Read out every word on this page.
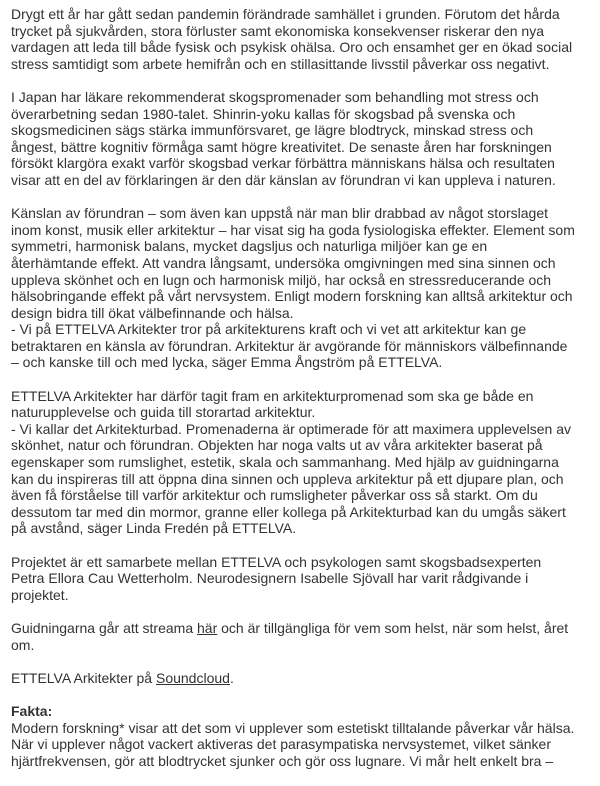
Drygt ett år har gått sedan pandemin förändrade samhället i grunden. Förutom det hårda
trycket på sjukvården, stora förluster samt ekonomiska konsekvenser riskerar den nya
vardagen att leda till både fysisk och psykisk ohälsa. Oro och ensamhet ger en ökad social
stress samtidigt som arbete hemifrån och en stillasittande livsstil påverkar oss negativt.

I Japan har läkare rekommenderat skogspromenader som behandling mot stress och
överarbetning sedan 1980-talet. Shinrin-yoku kallas för skogsbad på svenska och
skogsmedicinen sägs stärka immunförsvaret, ge lägre blodtryck, minskad stress och
ångest, bättre kognitiv förmåga samt högre kreativitet. De senaste åren har forskningen
försökt klargöra exakt varför skogsbad verkar förbättra människans hälsa och resultaten
visar att en del av förklaringen är den där känslan av förundran vi kan uppleva i naturen.

Känslan av förundran – som även kan uppstå när man blir drabbad av något storslaget
inom konst, musik eller arkitektur – har visat sig ha goda fysiologiska effekter. Element som
symmetri, harmonisk balans, mycket dagsljus och naturliga miljöer kan ge en
återhämtande effekt. Att vandra långsamt, undersöka omgivningen med sina sinnen och
uppleva skönhet och en lugn och harmonisk miljö, har också en stressreducerande och
hälsobringande effekt på vårt nervsystem. Enligt modern forskning kan alltså arkitektur och
design bidra till ökat välbefinnande och hälsa.
- Vi på ETTELVA Arkitekter tror på arkitekturens kraft och vi vet att arkitektur kan ge
betraktaren en känsla av förundran. Arkitektur är avgörande för människors välbefinnande
– och kanske till och med lycka, säger Emma Ångström på ETTELVA.

ETTELVA Arkitekter har därför tagit fram en arkitekturpromenad som ska ge både en
naturupplevelse och guida till storartad arkitektur.
- Vi kallar det Arkitekturbad. Promenaderna är optimerade för att maximera upplevelsen av
skönhet, natur och förundran. Objekten har noga valts ut av våra arkitekter baserat på
egenskaper som rumslighet, estetik, skala och sammanhang. Med hjälp av guidningarna
kan du inspireras till att öppna dina sinnen och uppleva arkitektur på ett djupare plan, och
även få förståelse till varför arkitektur och rumsligheter påverkar oss så starkt. Om du
dessutom tar med din mormor, granne eller kollega på Arkitekturbad kan du umgås säkert
på avstånd, säger Linda Fredén på ETTELVA.

Projektet är ett samarbete mellan ETTELVA och psykologen samt skogsbadsexperten
Petra Ellora Cau Wetterholm. Neurodesignern Isabelle Sjövall har varit rådgivande i
projektet.

Guidningarna går att streama här och är tillgängliga för vem som helst, när som helst, året
om.

ETTELVA Arkitekter på Soundcloud.

Fakta:
Modern forskning* visar att det som vi upplever som estetiskt tilltalande påverkar vår hälsa.
När vi upplever något vackert aktiveras det parasympatiska nervsystemet, vilket sänker
hjärtfrekvensen, gör att blodtrycket sjunker och gör oss lugnare. Vi mår helt enkelt bra –
